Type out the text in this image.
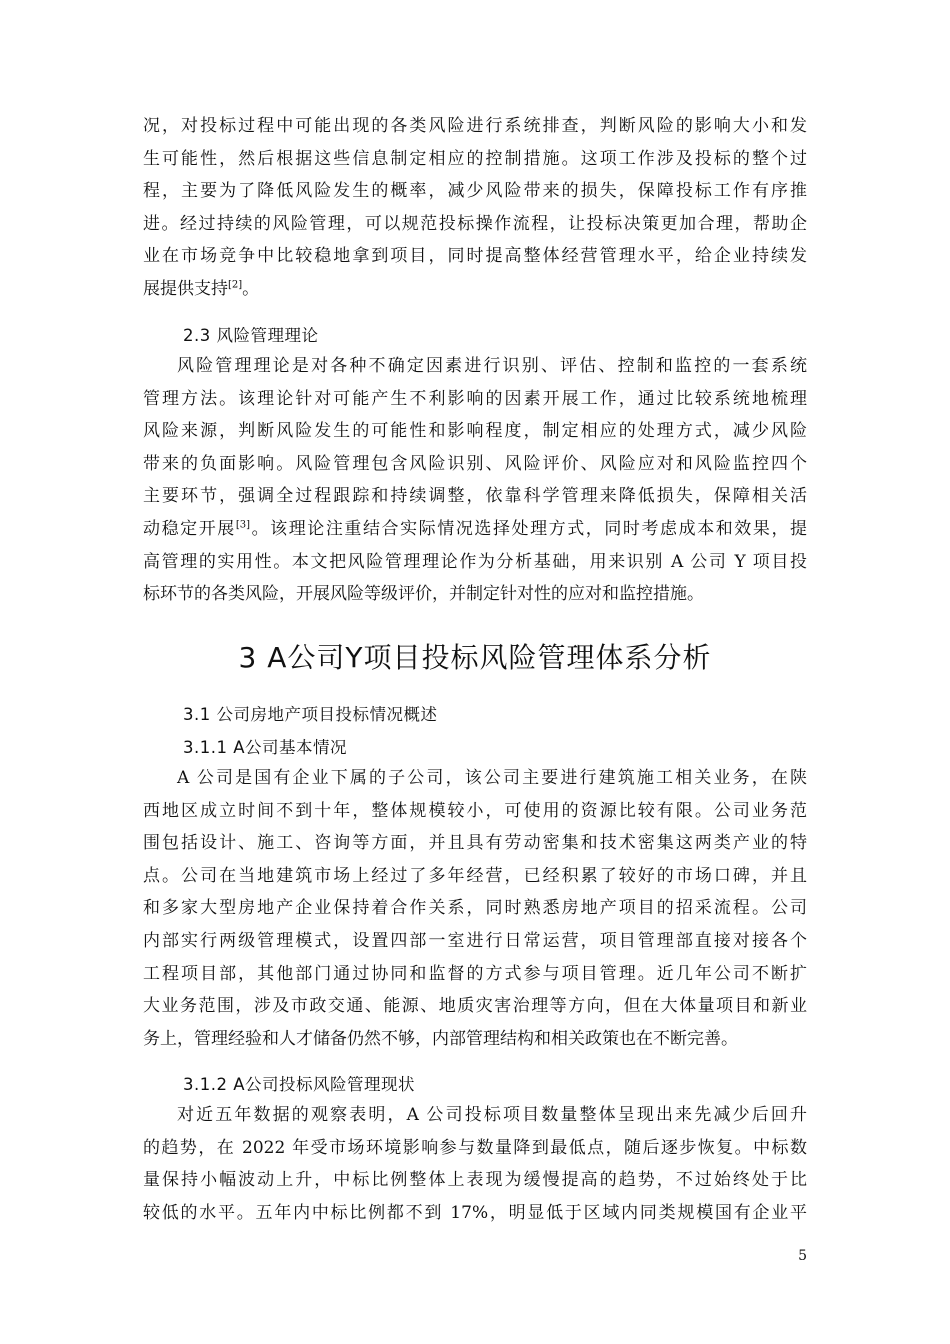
况，对投标过程中可能出现的各类风险进行系统排查，判断风险的影响大小和发
生可能性，然后根据这些信息制定相应的控制措施。这项工作涉及投标的整个过
程，主要为了降低风险发生的概率，减少风险带来的损失，保障投标工作有序推
进。经过持续的风险管理，可以规范投标操作流程，让投标决策更加合理，帮助企
业在市场竞争中比较稳地拿到项目，同时提高整体经营管理水平，给企业持续发
展提供支持[2]。
2.3 风险管理理论
风险管理理论是对各种不确定因素进行识别、评估、控制和监控的一套系统
管理方法。该理论针对可能产生不利影响的因素开展工作，通过比较系统地梳理
风险来源，判断风险发生的可能性和影响程度，制定相应的处理方式，减少风险
带来的负面影响。风险管理包含风险识别、风险评价、风险应对和风险监控四个
主要环节，强调全过程跟踪和持续调整，依靠科学管理来降低损失，保障相关活
动稳定开展[3]。该理论注重结合实际情况选择处理方式，同时考虑成本和效果，提
高管理的实用性。本文把风险管理理论作为分析基础，用来识别 A 公司 Y 项目投
标环节的各类风险，开展风险等级评价，并制定针对性的应对和监控措施。
3 A公司Y项目投标风险管理体系分析
3.1 公司房地产项目投标情况概述
3.1.1 A公司基本情况
A 公司是国有企业下属的子公司，该公司主要进行建筑施工相关业务，在陕
西地区成立时间不到十年，整体规模较小，可使用的资源比较有限。公司业务范
围包括设计、施工、咨询等方面，并且具有劳动密集和技术密集这两类产业的特
点。公司在当地建筑市场上经过了多年经营，已经积累了较好的市场口碑，并且
和多家大型房地产企业保持着合作关系，同时熟悉房地产项目的招采流程。公司
内部实行两级管理模式，设置四部一室进行日常运营，项目管理部直接对接各个
工程项目部，其他部门通过协同和监督的方式参与项目管理。近几年公司不断扩
大业务范围，涉及市政交通、能源、地质灾害治理等方向，但在大体量项目和新业
务上，管理经验和人才储备仍然不够，内部管理结构和相关政策也在不断完善。
3.1.2 A公司投标风险管理现状
对近五年数据的观察表明，A 公司投标项目数量整体呈现出来先减少后回升
的趋势，在 2022 年受市场环境影响参与数量降到最低点，随后逐步恢复。中标数
量保持小幅波动上升，中标比例整体上表现为缓慢提高的趋势，不过始终处于比
较低的水平。五年内中标比例都不到 17%，明显低于区域内同类规模国有企业平
5
